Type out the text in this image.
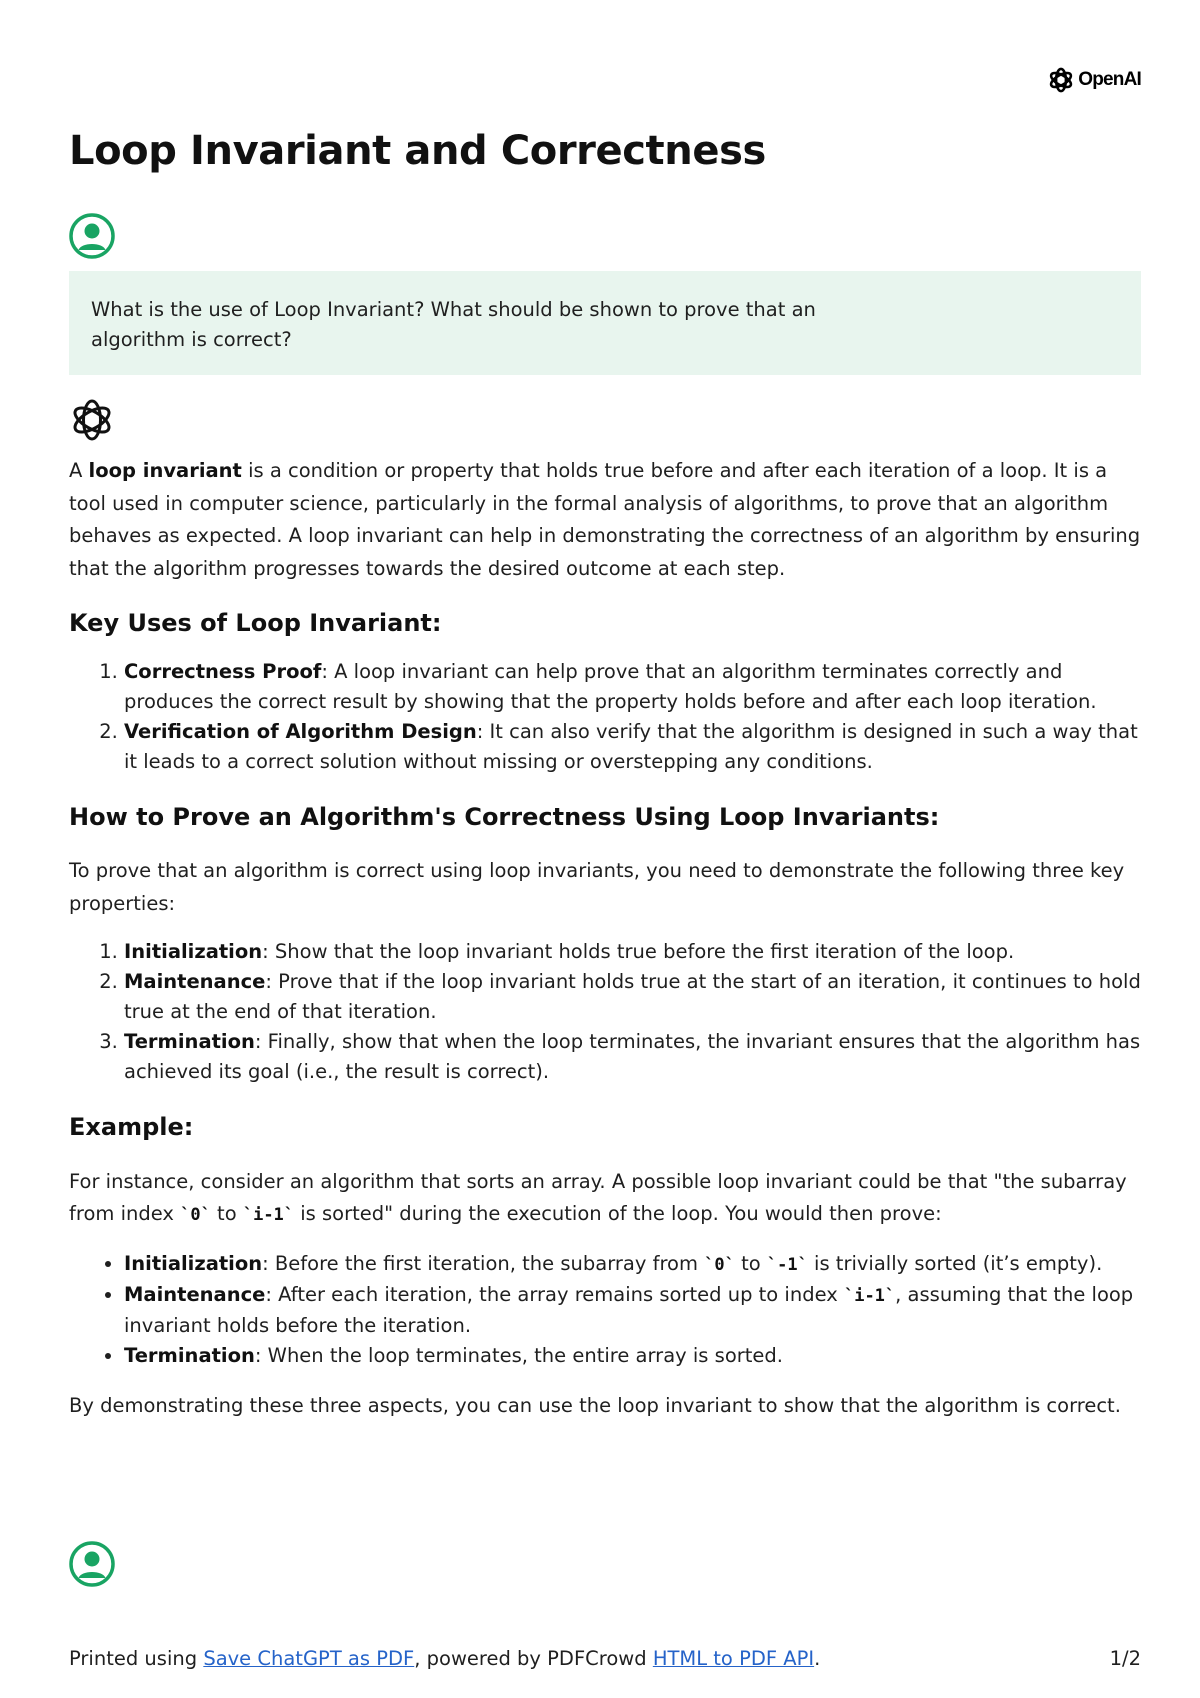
OpenAI
Loop Invariant and Correctness
What is the use of Loop Invariant? What should be shown to prove that an algorithm is correct?

A loop invariant is a condition or property that holds true before and after each iteration of a loop. It is a tool used in computer science, particularly in the formal analysis of algorithms, to prove that an algorithm behaves as expected. A loop invariant can help in demonstrating the correctness of an algorithm by ensuring that the algorithm progresses towards the desired outcome at each step.

Key Uses of Loop Invariant:
1. Correctness Proof: A loop invariant can help prove that an algorithm terminates correctly and produces the correct result by showing that the property holds before and after each loop iteration.
2. Verification of Algorithm Design: It can also verify that the algorithm is designed in such a way that it leads to a correct solution without missing or overstepping any conditions.
How to Prove an Algorithm's Correctness Using Loop Invariants:

To prove that an algorithm is correct using loop invariants, you need to demonstrate the following three key properties:

1. Initialization: Show that the loop invariant holds true before the first iteration of the loop.
2. Maintenance: Prove that if the loop invariant holds true at the start of an iteration, it continues to hold true at the end of that iteration.
3. Termination: Finally, show that when the loop terminates, the invariant ensures that the algorithm has achieved its goal (i.e., the result is correct).
Example:

For instance, consider an algorithm that sorts an array. A possible loop invariant could be that "the subarray from index `0` to `i-1` is sorted" during the execution of the loop. You would then prove:

• Initialization: Before the first iteration, the subarray from `0` to `-1` is trivially sorted (it’s empty).
• Maintenance: After each iteration, the array remains sorted up to index `i-1`, assuming that the loop invariant holds before the iteration.
• Termination: When the loop terminates, the entire array is sorted.

By demonstrating these three aspects, you can use the loop invariant to show that the algorithm is correct.

Printed using Save ChatGPT as PDF, powered by PDFCrowd HTML to PDF API.	1/2
